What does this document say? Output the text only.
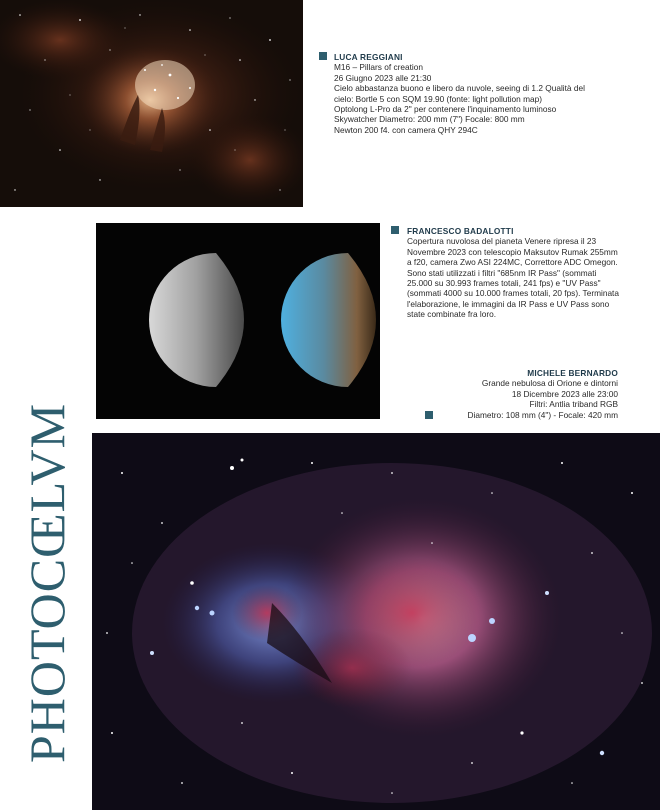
LUCA REGGIANI
M16 – Pillars of creation
26 Giugno 2023 alle 21:30
Cielo abbastanza buono e libero da nuvole, seeing di 1.2 Qualità del
cielo: Bortle 5 con SQM 19.90 (fonte: light pollution map)
Optolong L-Pro da 2" per contenere l'inquinamento luminoso
Skywatcher Diametro: 200 mm (7") Focale: 800 mm
Newton 200 f4. con camera QHY 294C
FRANCESCO BADALOTTI
Copertura nuvolosa del pianeta Venere ripresa il 23 Novembre 2023 con telescopio Maksutov Rumak 255mm a f20, camera Zwo ASI 224MC, Correttore ADC Omegon. Sono stati utilizzati i filtri "685nm IR Pass" (sommati 25.000 su 30.993 frames totali, 241 fps) e "UV Pass" (sommati 4000 su 10.000 frames totali, 20 fps). Terminata l'elaborazione, le immagini da IR Pass e UV Pass sono state combinate fra loro.
MICHELE BERNARDO
Grande nebulosa di Orione e dintorni
18 Dicembre 2023 alle 23:00
Filtri: Antlia triband RGB
Diametro: 108 mm (4") - Focale: 420 mm
PHOTOCŒLVM
